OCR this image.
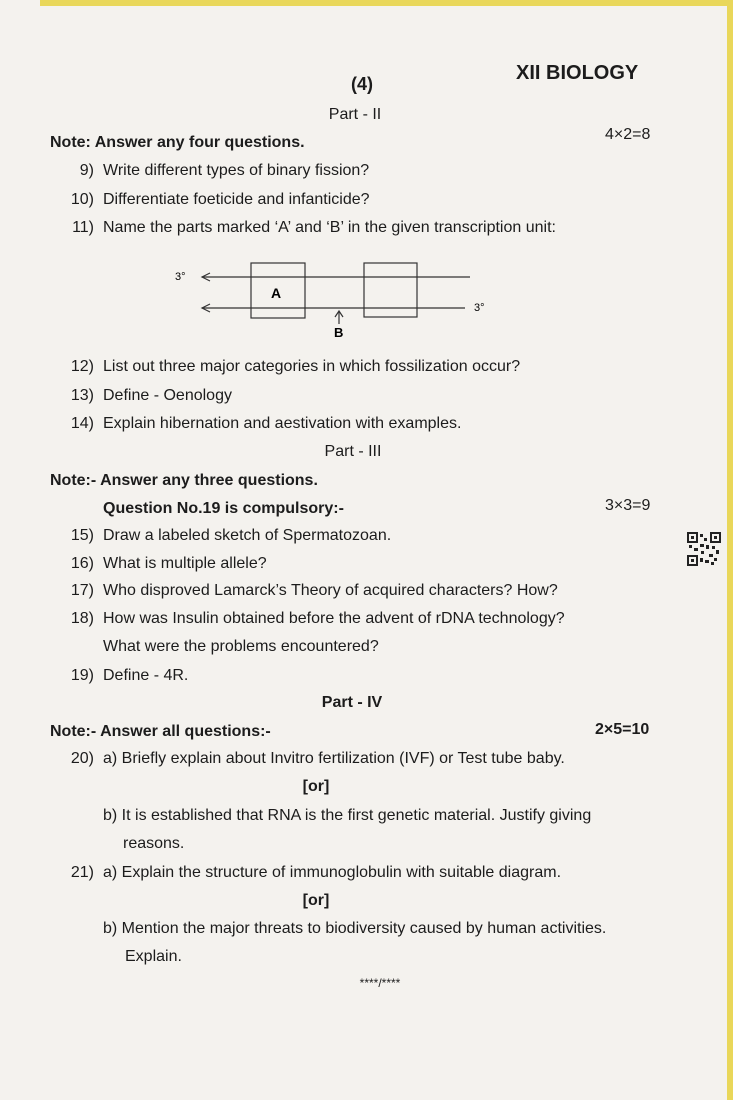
(4)	XII BIOLOGY
Part - II
Note: Answer any four questions.	4×2=8
9) Write different types of binary fission?
10) Differentiate foeticide and infanticide?
11) Name the parts marked ‘A’ and ‘B’ in the given transcription unit:
3°
3°
A
B
12) List out three major categories in which fossilization occur?
13) Define - Oenology
14) Explain hibernation and aestivation with examples.
Part - III
Note:- Answer any three questions.
Question No.19 is compulsory:-	3×3=9
15) Draw a labeled sketch of Spermatozoan.
16) What is multiple allele?
17) Who disproved Lamarck’s Theory of acquired characters? How?
18) How was Insulin obtained before the advent of rDNA technology?
What were the problems encountered?
19) Define - 4R.
Part - IV
Note:- Answer all questions:-	2×5=10
20) a) Briefly explain about Invitro fertilization (IVF) or Test tube baby.
[or]
b) It is established that RNA is the first genetic material. Justify giving
reasons.
21) a) Explain the structure of immunoglobulin with suitable diagram.
[or]
b) Mention the major threats to biodiversity caused by human activities.
Explain.
****/****
